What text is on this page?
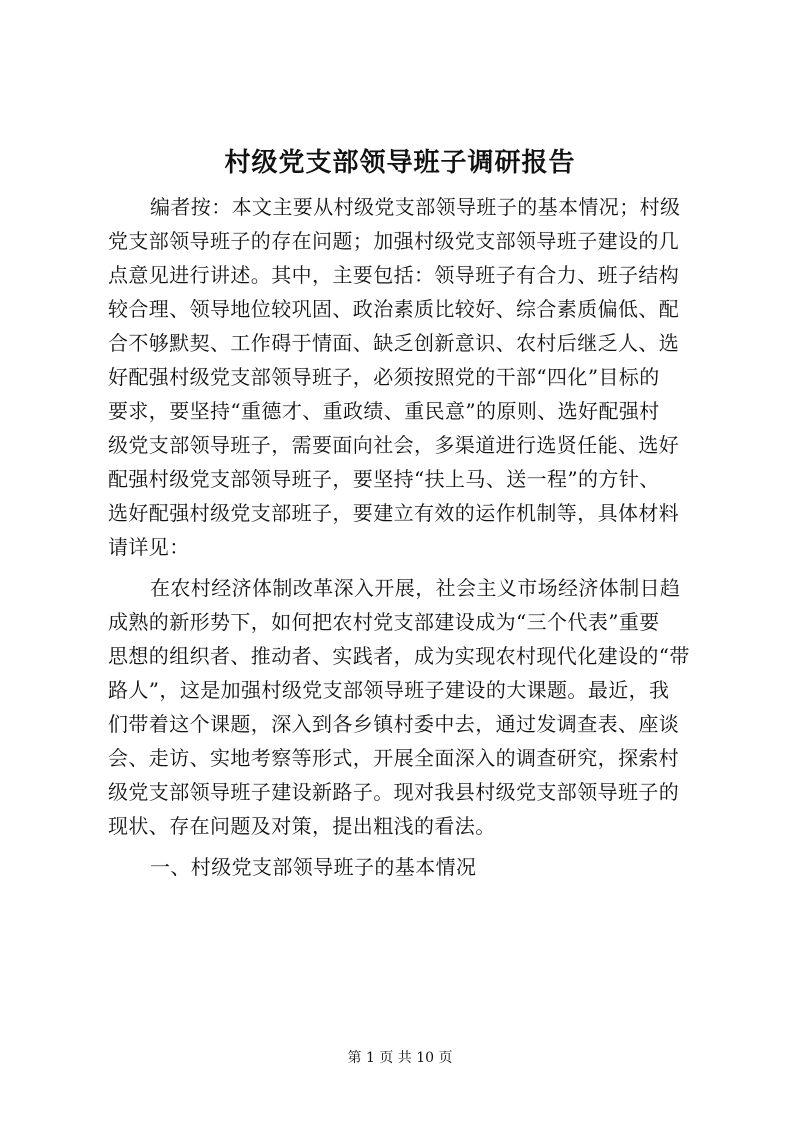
村级党支部领导班子调研报告
编者按：本文主要从村级党支部领导班子的基本情况；村级
党支部领导班子的存在问题；加强村级党支部领导班子建设的几
点意见进行讲述。其中，主要包括：领导班子有合力、班子结构
较合理、领导地位较巩固、政治素质比较好、综合素质偏低、配
合不够默契、工作碍于情面、缺乏创新意识、农村后继乏人、选
好配强村级党支部领导班子，必须按照党的干部“四化”目标的
要求，要坚持“重德才、重政绩、重民意”的原则、选好配强村
级党支部领导班子，需要面向社会，多渠道进行选贤任能、选好
配强村级党支部领导班子，要坚持“扶上马、送一程”的方针、
选好配强村级党支部班子，要建立有效的运作机制等，具体材料
请详见：
在农村经济体制改革深入开展，社会主义市场经济体制日趋
成熟的新形势下，如何把农村党支部建设成为“三个代表”重要
思想的组织者、推动者、实践者，成为实现农村现代化建设的“带
路人”，这是加强村级党支部领导班子建设的大课题。最近，我
们带着这个课题，深入到各乡镇村委中去，通过发调查表、座谈
会、走访、实地考察等形式，开展全面深入的调查研究，探索村
级党支部领导班子建设新路子。现对我县村级党支部领导班子的
现状、存在问题及对策，提出粗浅的看法。
一、村级党支部领导班子的基本情况
第 1 页 共 10 页
